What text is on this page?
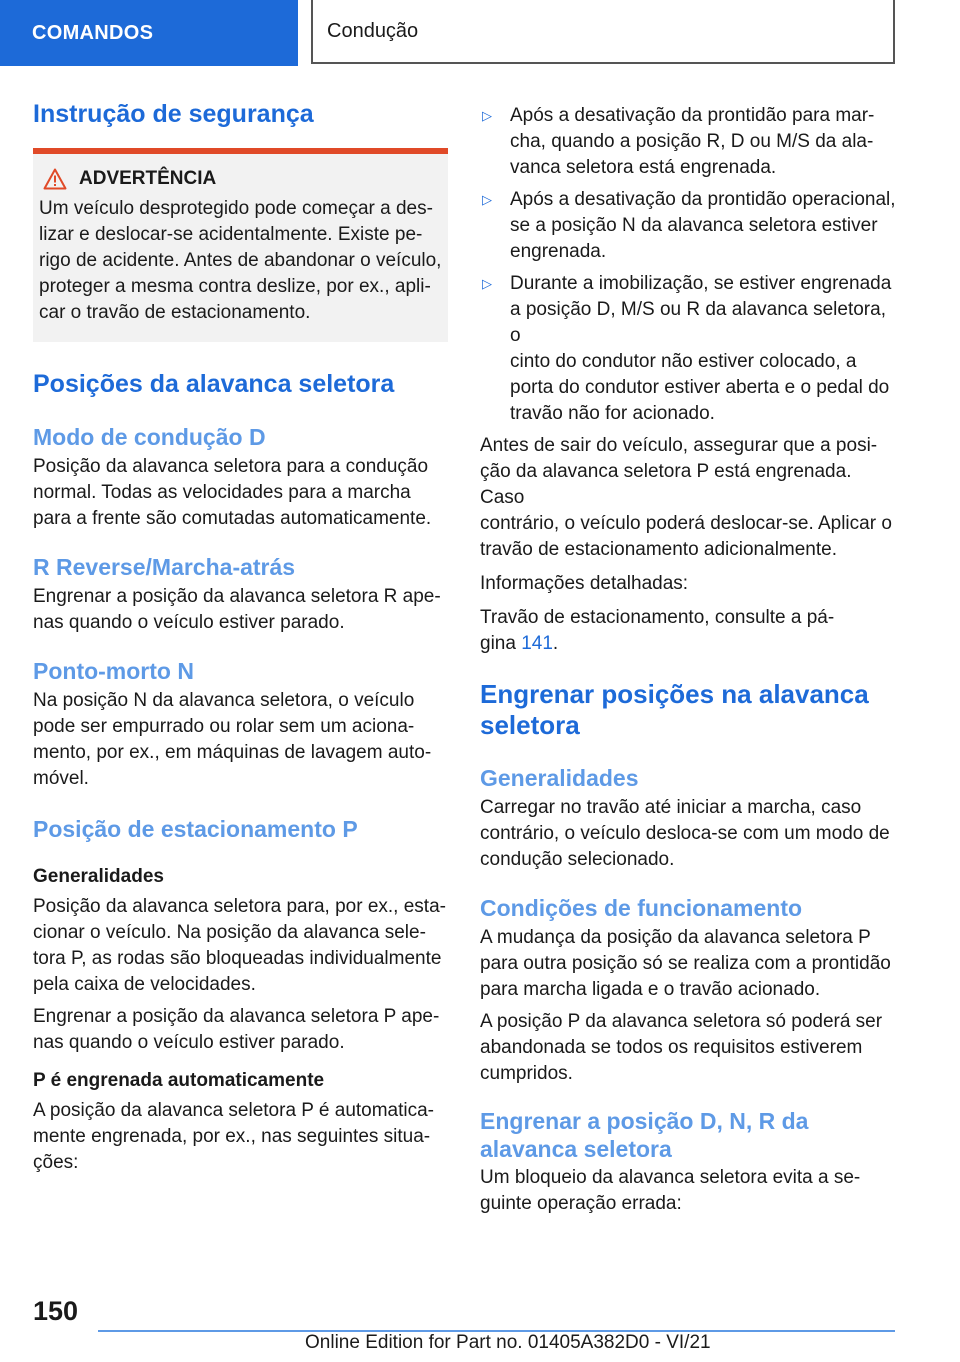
COMANDOS	Condução
Instrução de segurança
ADVERTÊNCIA

Um veículo desprotegido pode começar a des‐
lizar e deslocar-se acidentalmente. Existe pe‐
rigo de acidente. Antes de abandonar o veículo,
proteger a mesma contra deslize, por ex., apli‐
car o travão de estacionamento.

Posições da alavanca seletora
Modo de condução D

Posição da alavanca seletora para a condução
normal. Todas as velocidades para a marcha
para a frente são comutadas automaticamente.

R Reverse/Marcha-atrás

Engrenar a posição da alavanca seletora R ape‐
nas quando o veículo estiver parado.

Ponto-morto N

Na posição N da alavanca seletora, o veículo
pode ser empurrado ou rolar sem um aciona‐
mento, por ex., em máquinas de lavagem auto‐
móvel.

Posição de estacionamento P
Generalidades

Posição da alavanca seletora para, por ex., esta‐
cionar o veículo. Na posição da alavanca sele‐
tora P, as rodas são bloqueadas individualmente
pela caixa de velocidades.

Engrenar a posição da alavanca seletora P ape‐
nas quando o veículo estiver parado.

P é engrenada automaticamente

A posição da alavanca seletora P é automatica‐
mente engrenada, por ex., nas seguintes situa‐
ções:

▷ Após a desativação da prontidão para mar‐
cha, quando a posição R, D ou M/S da ala‐
vanca seletora está engrenada.

▷ Após a desativação da prontidão operacional,
se a posição N da alavanca seletora estiver
engrenada.

▷ Durante a imobilização, se estiver engrenada
a posição D, M/S ou R da alavanca seletora, o
cinto do condutor não estiver colocado, a
porta do condutor estiver aberta e o pedal do
travão não for acionado.

Antes de sair do veículo, assegurar que a posi‐
ção da alavanca seletora P está engrenada. Caso
contrário, o veículo poderá deslocar-se. Aplicar o
travão de estacionamento adicionalmente.

Informações detalhadas:

Travão de estacionamento, consulte a pá‐
gina 141.

Engrenar posições na alavanca
seletora
Generalidades

Carregar no travão até iniciar a marcha, caso
contrário, o veículo desloca-se com um modo de
condução selecionado.

Condições de funcionamento

A mudança da posição da alavanca seletora P
para outra posição só se realiza com a prontidão
para marcha ligada e o travão acionado.

A posição P da alavanca seletora só poderá ser
abandonada se todos os requisitos estiverem
cumpridos.

Engrenar a posição D, N, R da
alavanca seletora

Um bloqueio da alavanca seletora evita a se‐
guinte operação errada:

150
Online Edition for Part no. 01405A382D0 - VI/21
